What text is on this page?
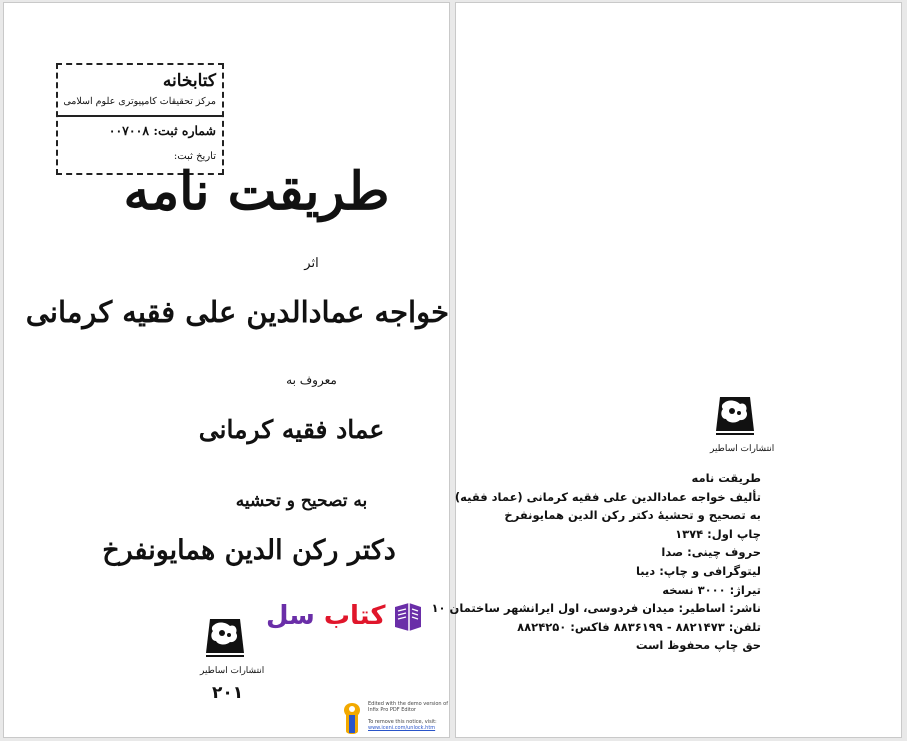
کتابخانه
مرکز تحقیقات کامپیوتری علوم اسلامی
شماره ثبت: ۰۰۷۰۰۸
تاریخ ثبت:
طریقت نامه
اثر
خواجه عمادالدین علی فقیه کرمانی
معروف به
عماد فقیه کرمانی
به تصحیح و تحشیه
دکتر رکن الدین همایونفرخ
کتاب سل
انتشارات اساطیر
۲۰۱
Edited with the demo version of
Infix Pro PDF Editor
To remove this notice, visit:
www.iceni.com/unlock.htm
انتشارات اساطیر
طریقت نامه
تألیف خواجه عمادالدین علی فقیه کرمانی (عماد فقیه)
به تصحیح و تحشیهٔ دکتر رکن الدین همایونفرخ
چاپ اول: ۱۳۷۴
حروف چینی: صدا
لیتوگرافی و چاپ: دیبا
تیراژ: ۳۰۰۰ نسخه
ناشر: اساطیر: میدان فردوسی، اول ایرانشهر ساختمان ۱۰
تلفن: ۸۸۲۱۴۷۳ - ۸۸۳۶۱۹۹ فاکس: ۸۸۲۴۲۵۰
حق چاپ محفوظ است
